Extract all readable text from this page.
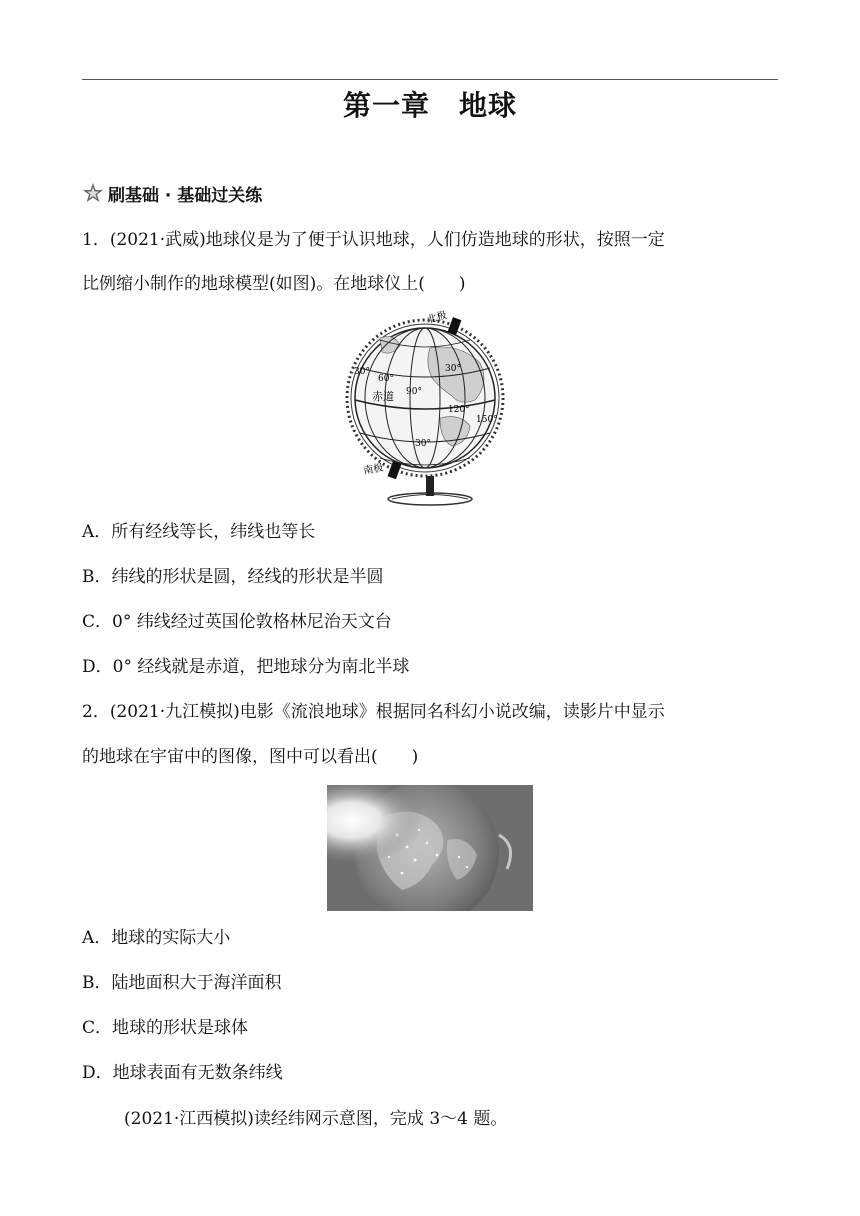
第一章　地球
刷基础 · 基础过关练
1．(2021·武威)地球仪是为了便于认识地球，人们仿造地球的形状，按照一定
比例缩小制作的地球模型(如图)。在地球仪上(　　)
北极
南极
赤道
30°	30°
30°
60°
90°
120°
150°
A．所有经线等长，纬线也等长
B．纬线的形状是圆，经线的形状是半圆
C．0° 纬线经过英国伦敦格林尼治天文台
D．0° 经线就是赤道，把地球分为南北半球
2．(2021·九江模拟)电影《流浪地球》根据同名科幻小说改编，读影片中显示
的地球在宇宙中的图像，图中可以看出(　　)
A．地球的实际大小
B．陆地面积大于海洋面积
C．地球的形状是球体
D．地球表面有无数条纬线
(2021·江西模拟)读经纬网示意图，完成 3～4 题。
